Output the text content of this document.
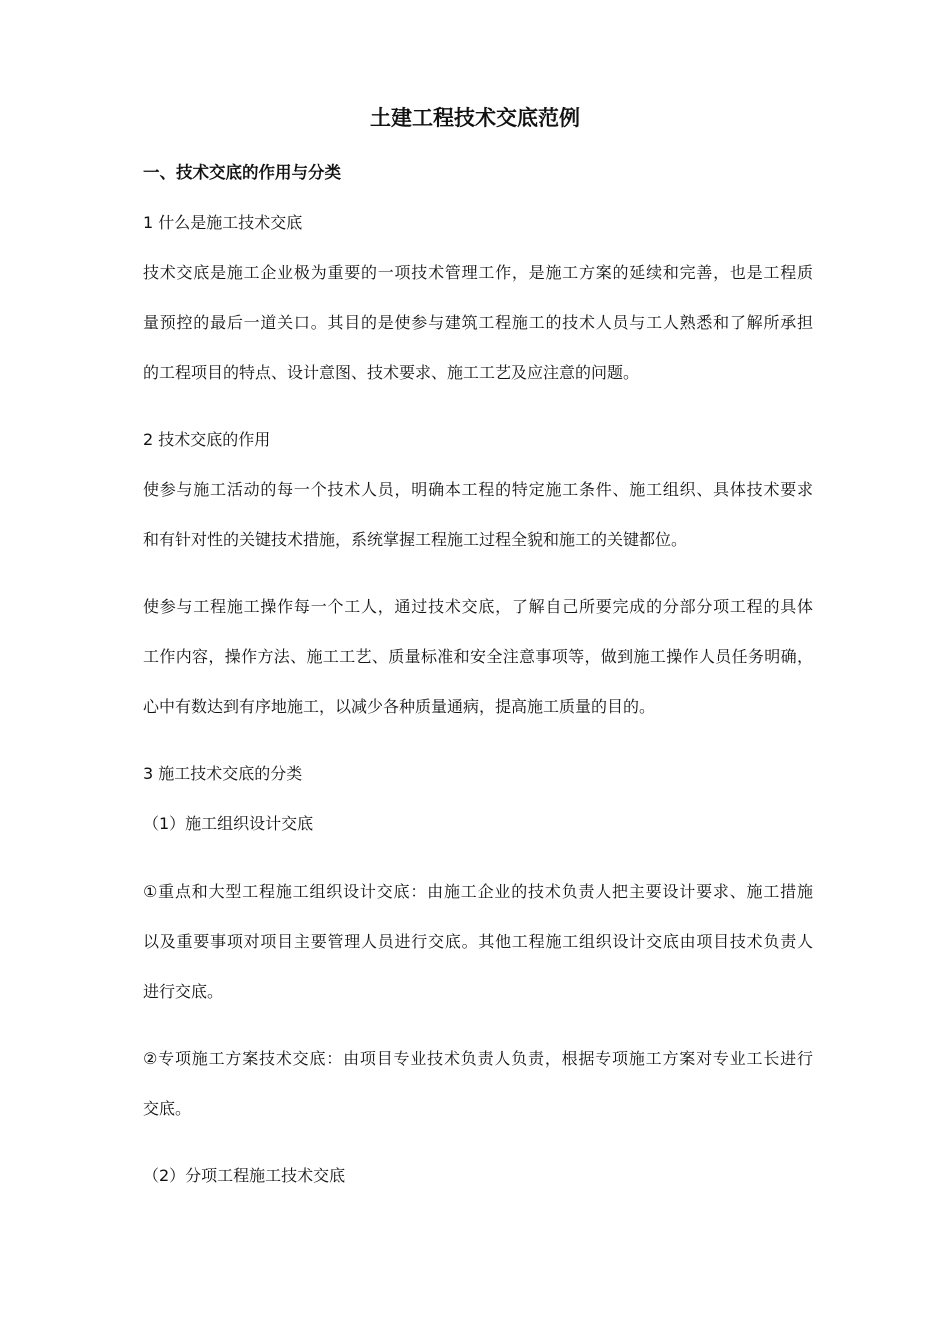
土建工程技术交底范例
一、技术交底的作用与分类
1 什么是施工技术交底
技术交底是施工企业极为重要的一项技术管理工作，是施工方案的延续和完善，也是工程质
量预控的最后一道关口。其目的是使参与建筑工程施工的技术人员与工人熟悉和了解所承担
的工程项目的特点、设计意图、技术要求、施工工艺及应注意的问题。
2 技术交底的作用
使参与施工活动的每一个技术人员，明确本工程的特定施工条件、施工组织、具体技术要求
和有针对性的关键技术措施，系统掌握工程施工过程全貌和施工的关键都位。
使参与工程施工操作每一个工人，通过技术交底，了解自己所要完成的分部分项工程的具体
工作内容，操作方法、施工工艺、质量标准和安全注意事项等，做到施工操作人员任务明确，
心中有数达到有序地施工，以减少各种质量通病，提高施工质量的目的。
3 施工技术交底的分类
（1）施工组织设计交底
①重点和大型工程施工组织设计交底：由施工企业的技术负责人把主要设计要求、施工措施
以及重要事项对项目主要管理人员进行交底。其他工程施工组织设计交底由项目技术负责人
进行交底。
②专项施工方案技术交底：由项目专业技术负责人负责，根据专项施工方案对专业工长进行
交底。
（2）分项工程施工技术交底
